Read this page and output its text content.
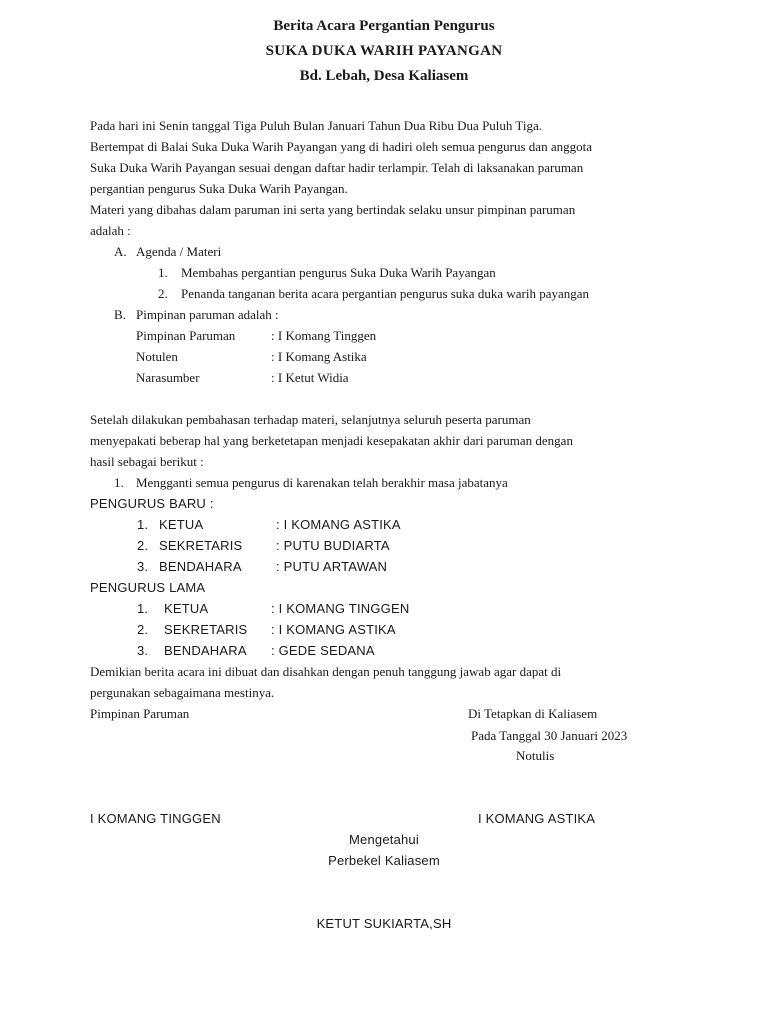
Berita Acara Pergantian Pengurus
SUKA DUKA WARIH PAYANGAN
Bd. Lebah, Desa Kaliasem
Pada hari ini Senin tanggal Tiga Puluh Bulan Januari Tahun Dua Ribu Dua Puluh Tiga.
Bertempat di Balai Suka Duka Warih Payangan yang di hadiri oleh semua pengurus dan anggota
Suka Duka Warih Payangan sesuai dengan daftar hadir terlampir. Telah di laksanakan paruman
pergantian pengurus Suka Duka Warih Payangan.
Materi yang dibahas dalam paruman ini serta yang bertindak selaku unsur pimpinan paruman
adalah :
A. Agenda / Materi
1. Membahas pergantian pengurus Suka Duka Warih Payangan
2. Penanda tanganan berita acara pergantian pengurus suka duka warih payangan
B. Pimpinan paruman adalah :
Pimpinan Paruman	: I Komang Tinggen
Notulen	: I Komang Astika
Narasumber	: I Ketut Widia
Setelah dilakukan pembahasan terhadap materi, selanjutnya seluruh peserta paruman
menyepakati beberap hal yang berketetapan menjadi kesepakatan akhir dari paruman dengan
hasil sebagai berikut :
1. Mengganti semua pengurus di karenakan telah berakhir masa jabatanya
PENGURUS BARU :
1. KETUA	: I KOMANG ASTIKA
2. SEKRETARIS	: PUTU BUDIARTA
3. BENDAHARA	: PUTU ARTAWAN
PENGURUS LAMA
1. KETUA	: I KOMANG TINGGEN
2. SEKRETARIS : I KOMANG ASTIKA
3. BENDAHARA : GEDE SEDANA
Demikian berita acara ini dibuat dan disahkan dengan penuh tanggung jawab agar dapat di
pergunakan sebagaimana mestinya.
Pimpinan Paruman	Di Tetapkan di Kaliasem
Pada Tanggal 30 Januari 2023
Notulis
I KOMANG TINGGEN	I KOMANG ASTIKA
Mengetahui
Perbekel Kaliasem
KETUT SUKIARTA,SH
